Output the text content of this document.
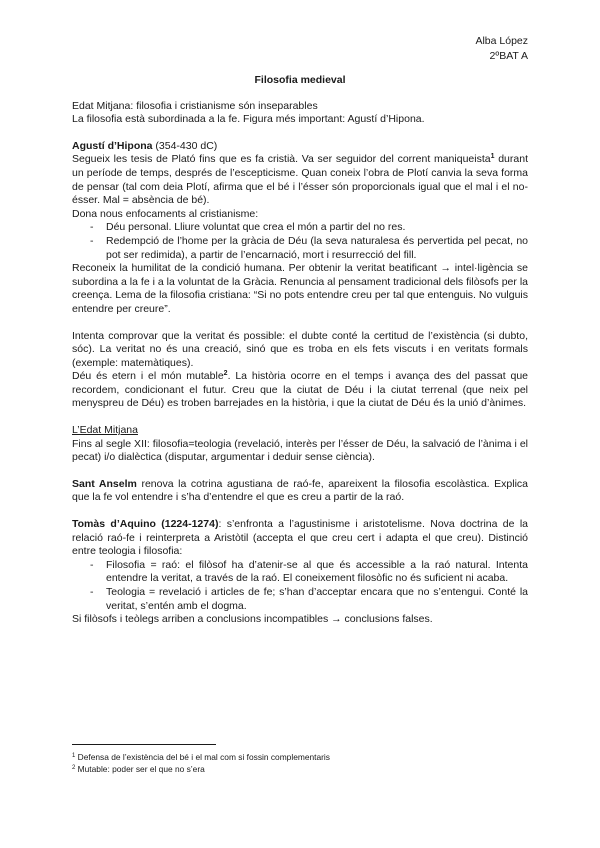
Alba López
2ºBAT A
Filosofia medieval

Edat Mitjana: filosofia i cristianisme són inseparables

La filosofia està subordinada a la fe. Figura més important: Agustí d’Hipona.

Agustí d’Hipona (354-430 dC)

Segueix les tesis de Plató fins que es fa cristià. Va ser seguidor del corrent maniqueista$^1$ durant un període de temps, després de l’escepticisme. Quan coneix l’obra de Plotí canvia la seva forma de pensar (tal com deia Plotí, afirma que el bé i l’ésser són proporcionals igual que el mal i el no-ésser. Mal = absència de bé).

Dona nous enfocaments al cristianisme:

- Déu personal. Lliure voluntat que crea el món a partir del no res.
- Redempció de l’home per la gràcia de Déu (la seva naturalesa és pervertida pel pecat, no pot ser redimida), a partir de l’encarnació, mort i resurrecció del fill.

Reconeix la humilitat de la condició humana. Per obtenir la veritat beatificant → intel·ligència se subordina a la fe i a la voluntat de la Gràcia. Renuncia al pensament tradicional dels filòsofs per la creença. Lema de la filosofia cristiana: “Si no pots entendre creu per tal que entenguis. No vulguis entendre per creure”.

Intenta comprovar que la veritat és possible: el dubte conté la certitud de l’existència (si dubto, sóc). La veritat no és una creació, sinó que es troba en els fets viscuts i en veritats formals (exemple: matemàtiques).

Déu és etern i el món mutable$^2$. La història ocorre en el temps i avança des del passat que recordem, condicionant el futur. Creu que la ciutat de Déu i la ciutat terrenal (que neix pel menyspreu de Déu) es troben barrejades en la història, i que la ciutat de Déu és la unió d’ànimes.

L’Edat Mitjana

Fins al segle XII: filosofia=teologia (revelació, interès per l’ésser de Déu, la salvació de l’ànima i el pecat) i/o dialèctica (disputar, argumentar i deduir sense ciència).

Sant Anselm renova la cotrina agustiana de raó-fe, apareixent la filosofia escolàstica. Explica que la fe vol entendre i s’ha d’entendre el que es creu a partir de la raó.

Tomàs d’Aquino (1224-1274): s’enfronta a l’agustinisme i aristotelisme. Nova doctrina de la relació raó-fe i reinterpreta a Aristòtil (accepta el que creu cert i adapta el que creu). Distinció entre teologia i filosofia:

- Filosofia = raó: el filòsof ha d’atenir-se al que és accessible a la raó natural. Intenta entendre la veritat, a través de la raó. El coneixement filosòfic no és suficient ni acaba.
- Teologia = revelació i articles de fe; s’han d’acceptar encara que no s’entengui. Conté la veritat, s’entén amb el dogma.

Si filòsofs i teòlegs arriben a conclusions incompatibles → conclusions falses.

$^1$ Defensa de l’existència del bé i el mal com si fossin complementaris
$^2$ Mutable: poder ser el que no s’era
